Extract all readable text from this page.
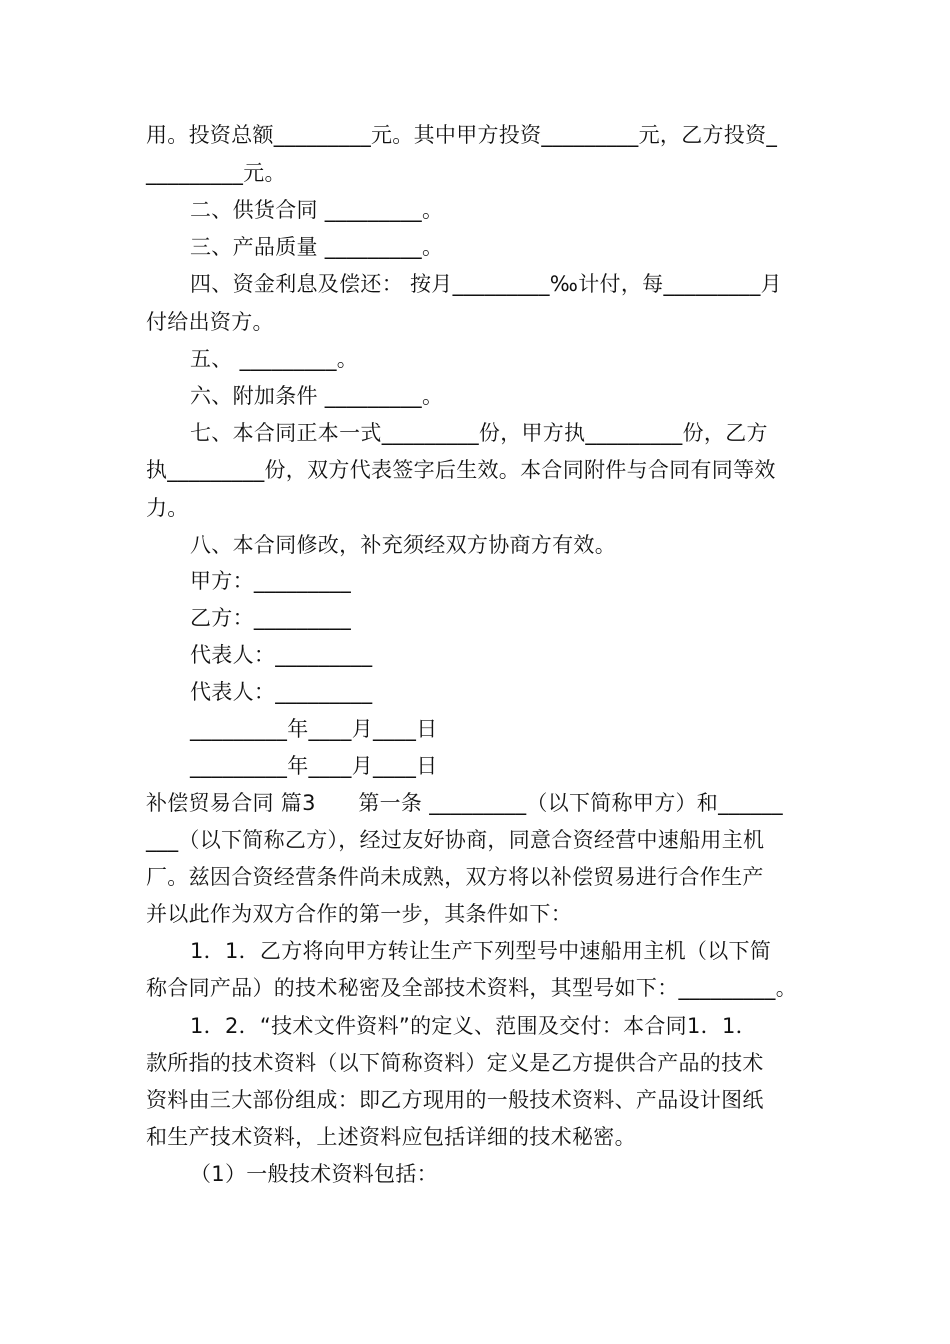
用。投资总额_________元。其中甲方投资_________元，乙方投资_
_________元。
二、供货合同 _________。
三、产品质量 _________。
四、资金利息及偿还： 按月_________‰计付，每_________月
付给出资方。
五、 _________。
六、附加条件 _________。
七、本合同正本一式_________份，甲方执_________份，乙方
执_________份，双方代表签字后生效。本合同附件与合同有同等效
力。
八、本合同修改，补充须经双方协商方有效。
甲方：_________
乙方：_________
代表人：_________
代表人：_________
_________年____月____日
_________年____月____日
补偿贸易合同 篇3　　第一条 _________（以下简称甲方）和______
___（以下简称乙方），经过友好协商，同意合资经营中速船用主机
厂。兹因合资经营条件尚未成熟，双方将以补偿贸易进行合作生产
并以此作为双方合作的第一步，其条件如下：
1．1．乙方将向甲方转让生产下列型号中速船用主机（以下简
称合同产品）的技术秘密及全部技术资料，其型号如下：_________。
1．2．“技术文件资料”的定义、范围及交付：本合同1．1．
款所指的技术资料（以下简称资料）定义是乙方提供合产品的技术
资料由三大部份组成：即乙方现用的一般技术资料、产品设计图纸
和生产技术资料，上述资料应包括详细的技术秘密。
（1）一般技术资料包括：
